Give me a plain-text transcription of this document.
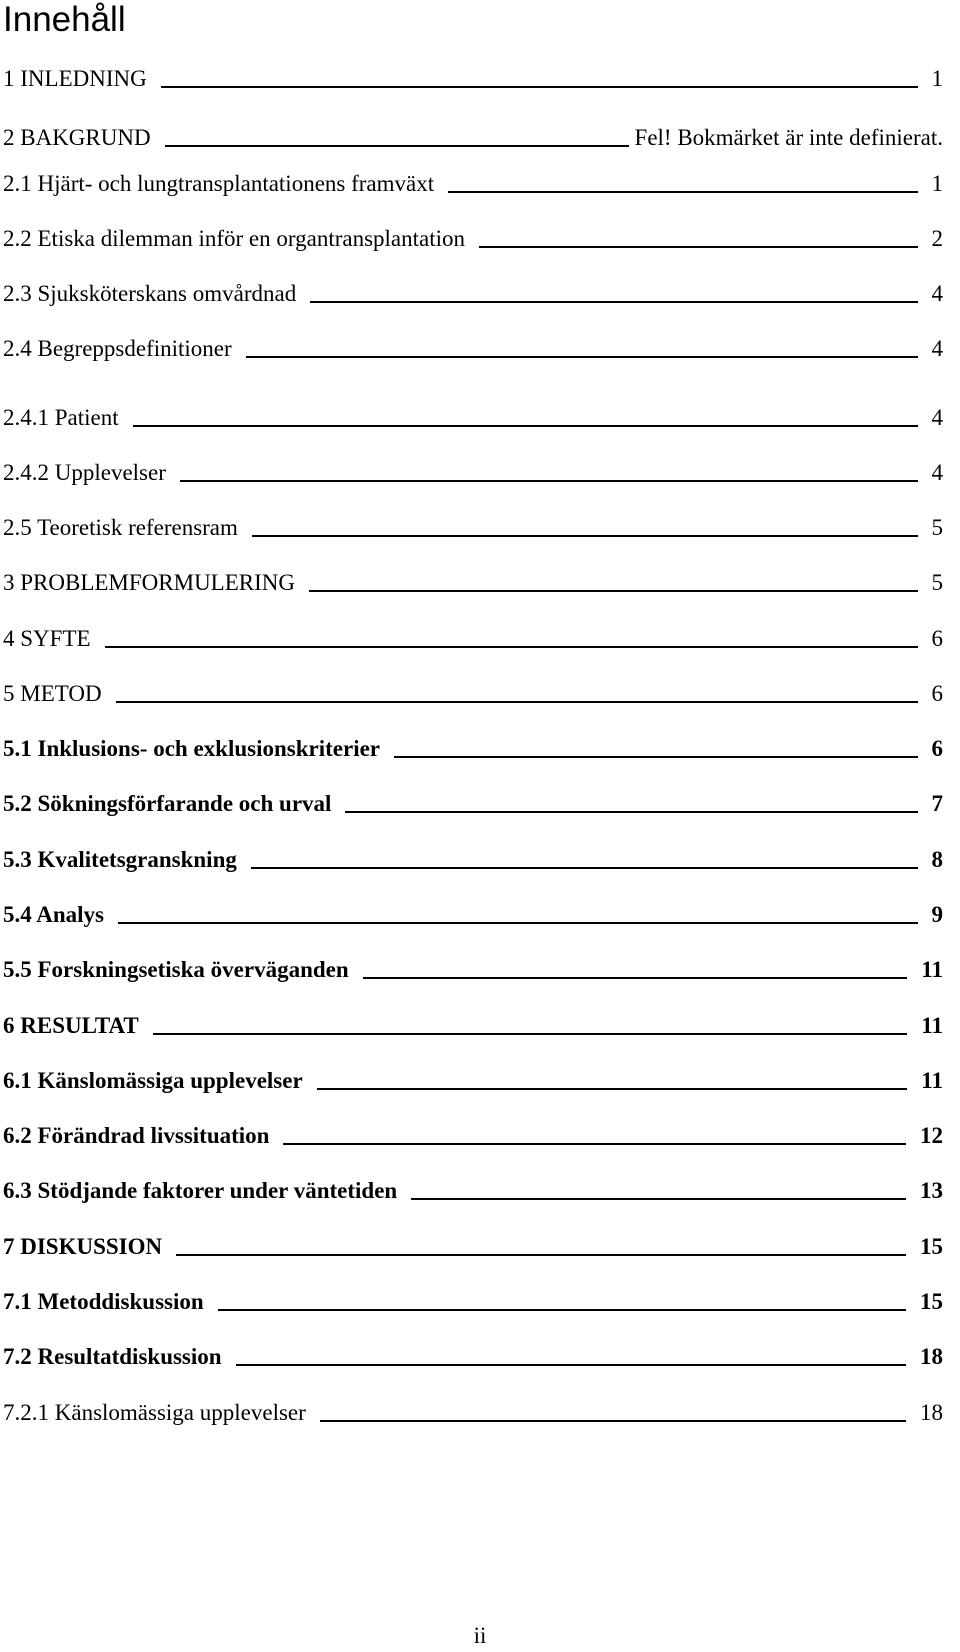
Innehåll
1 INLEDNING	1
2 BAKGRUND	Fel! Bokmärket är inte definierat.
2.1 Hjärt- och lungtransplantationens framväxt	1
2.2 Etiska dilemman inför en organtransplantation	2
2.3 Sjuksköterskans omvårdnad	4
2.4 Begreppsdefinitioner	4
2.4.1 Patient	4
2.4.2 Upplevelser	4
2.5 Teoretisk referensram	5
3 PROBLEMFORMULERING	5
4 SYFTE	6
5 METOD	6
5.1 Inklusions- och exklusionskriterier	6
5.2 Sökningsförfarande och urval	7
5.3 Kvalitetsgranskning	8
5.4 Analys	9
5.5 Forskningsetiska överväganden	11
6 RESULTAT	11
6.1 Känslomässiga upplevelser	11
6.2 Förändrad livssituation	12
6.3 Stödjande faktorer under väntetiden	13
7 DISKUSSION	15
7.1 Metoddiskussion	15
7.2 Resultatdiskussion	18
7.2.1 Känslomässiga upplevelser	18
ii
